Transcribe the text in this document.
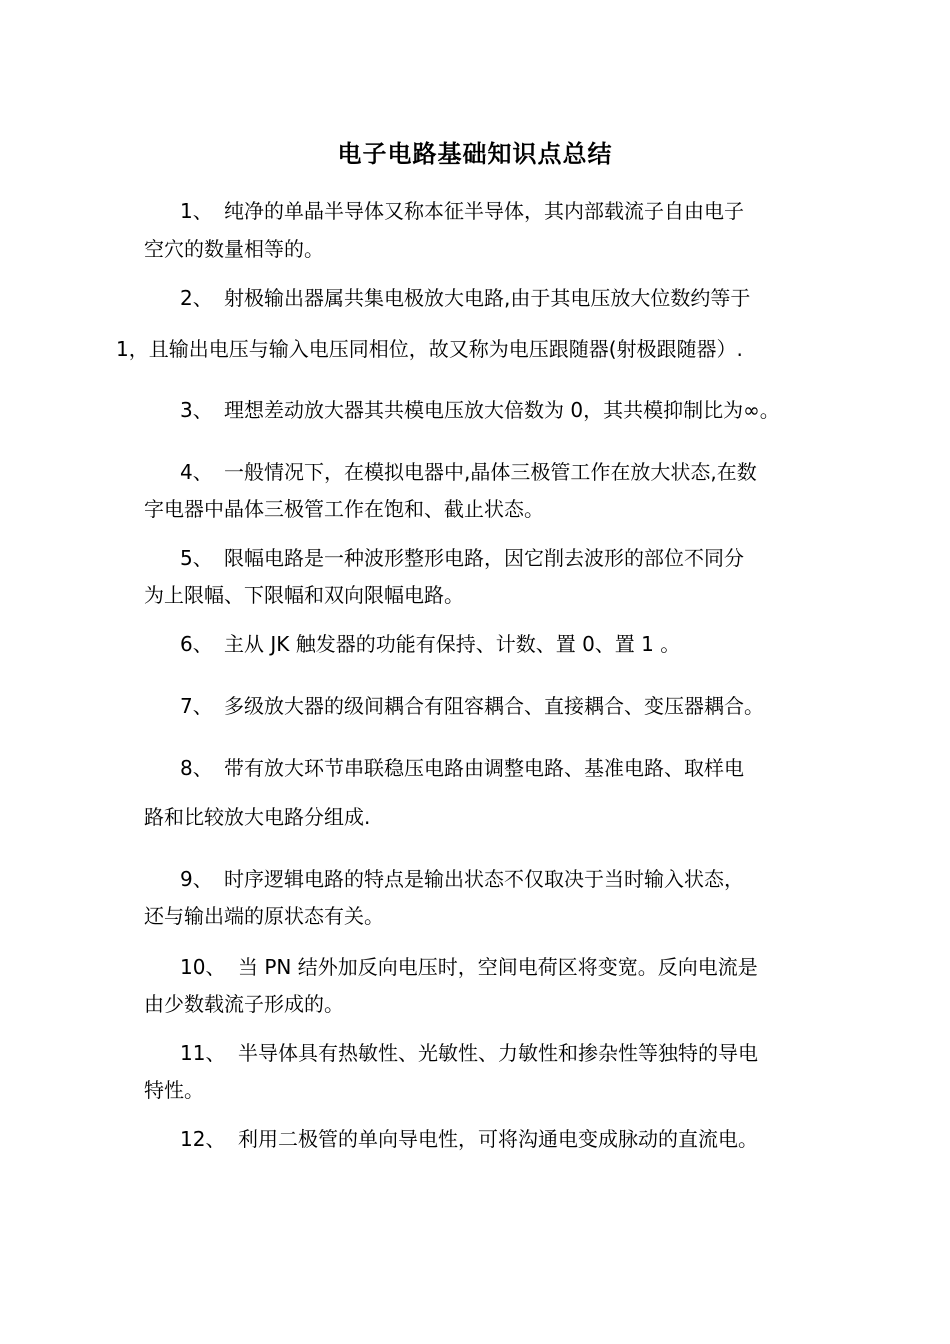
电子电路基础知识点总结
1、 纯净的单晶半导体又称本征半导体，其内部载流子自由电子
空穴的数量相等的。
2、 射极输出器属共集电极放大电路,由于其电压放大位数约等于
1，且输出电压与输入电压同相位，故又称为电压跟随器(射极跟随器）.
3、 理想差动放大器其共模电压放大倍数为 0，其共模抑制比为∞。
4、 一般情况下，在模拟电器中,晶体三极管工作在放大状态,在数
字电器中晶体三极管工作在饱和、截止状态。
5、 限幅电路是一种波形整形电路，因它削去波形的部位不同分
为上限幅、下限幅和双向限幅电路。
6、 主从 JK 触发器的功能有保持、计数、置 0、置 1 。
7、 多级放大器的级间耦合有阻容耦合、直接耦合、变压器耦合。
8、 带有放大环节串联稳压电路由调整电路、基准电路、取样电
路和比较放大电路分组成.
9、 时序逻辑电路的特点是输出状态不仅取决于当时输入状态，
还与输出端的原状态有关。
10、 当 PN 结外加反向电压时，空间电荷区将变宽。反向电流是
由少数载流子形成的。
11、 半导体具有热敏性、光敏性、力敏性和掺杂性等独特的导电
特性。
12、 利用二极管的单向导电性，可将沟通电变成脉动的直流电。
